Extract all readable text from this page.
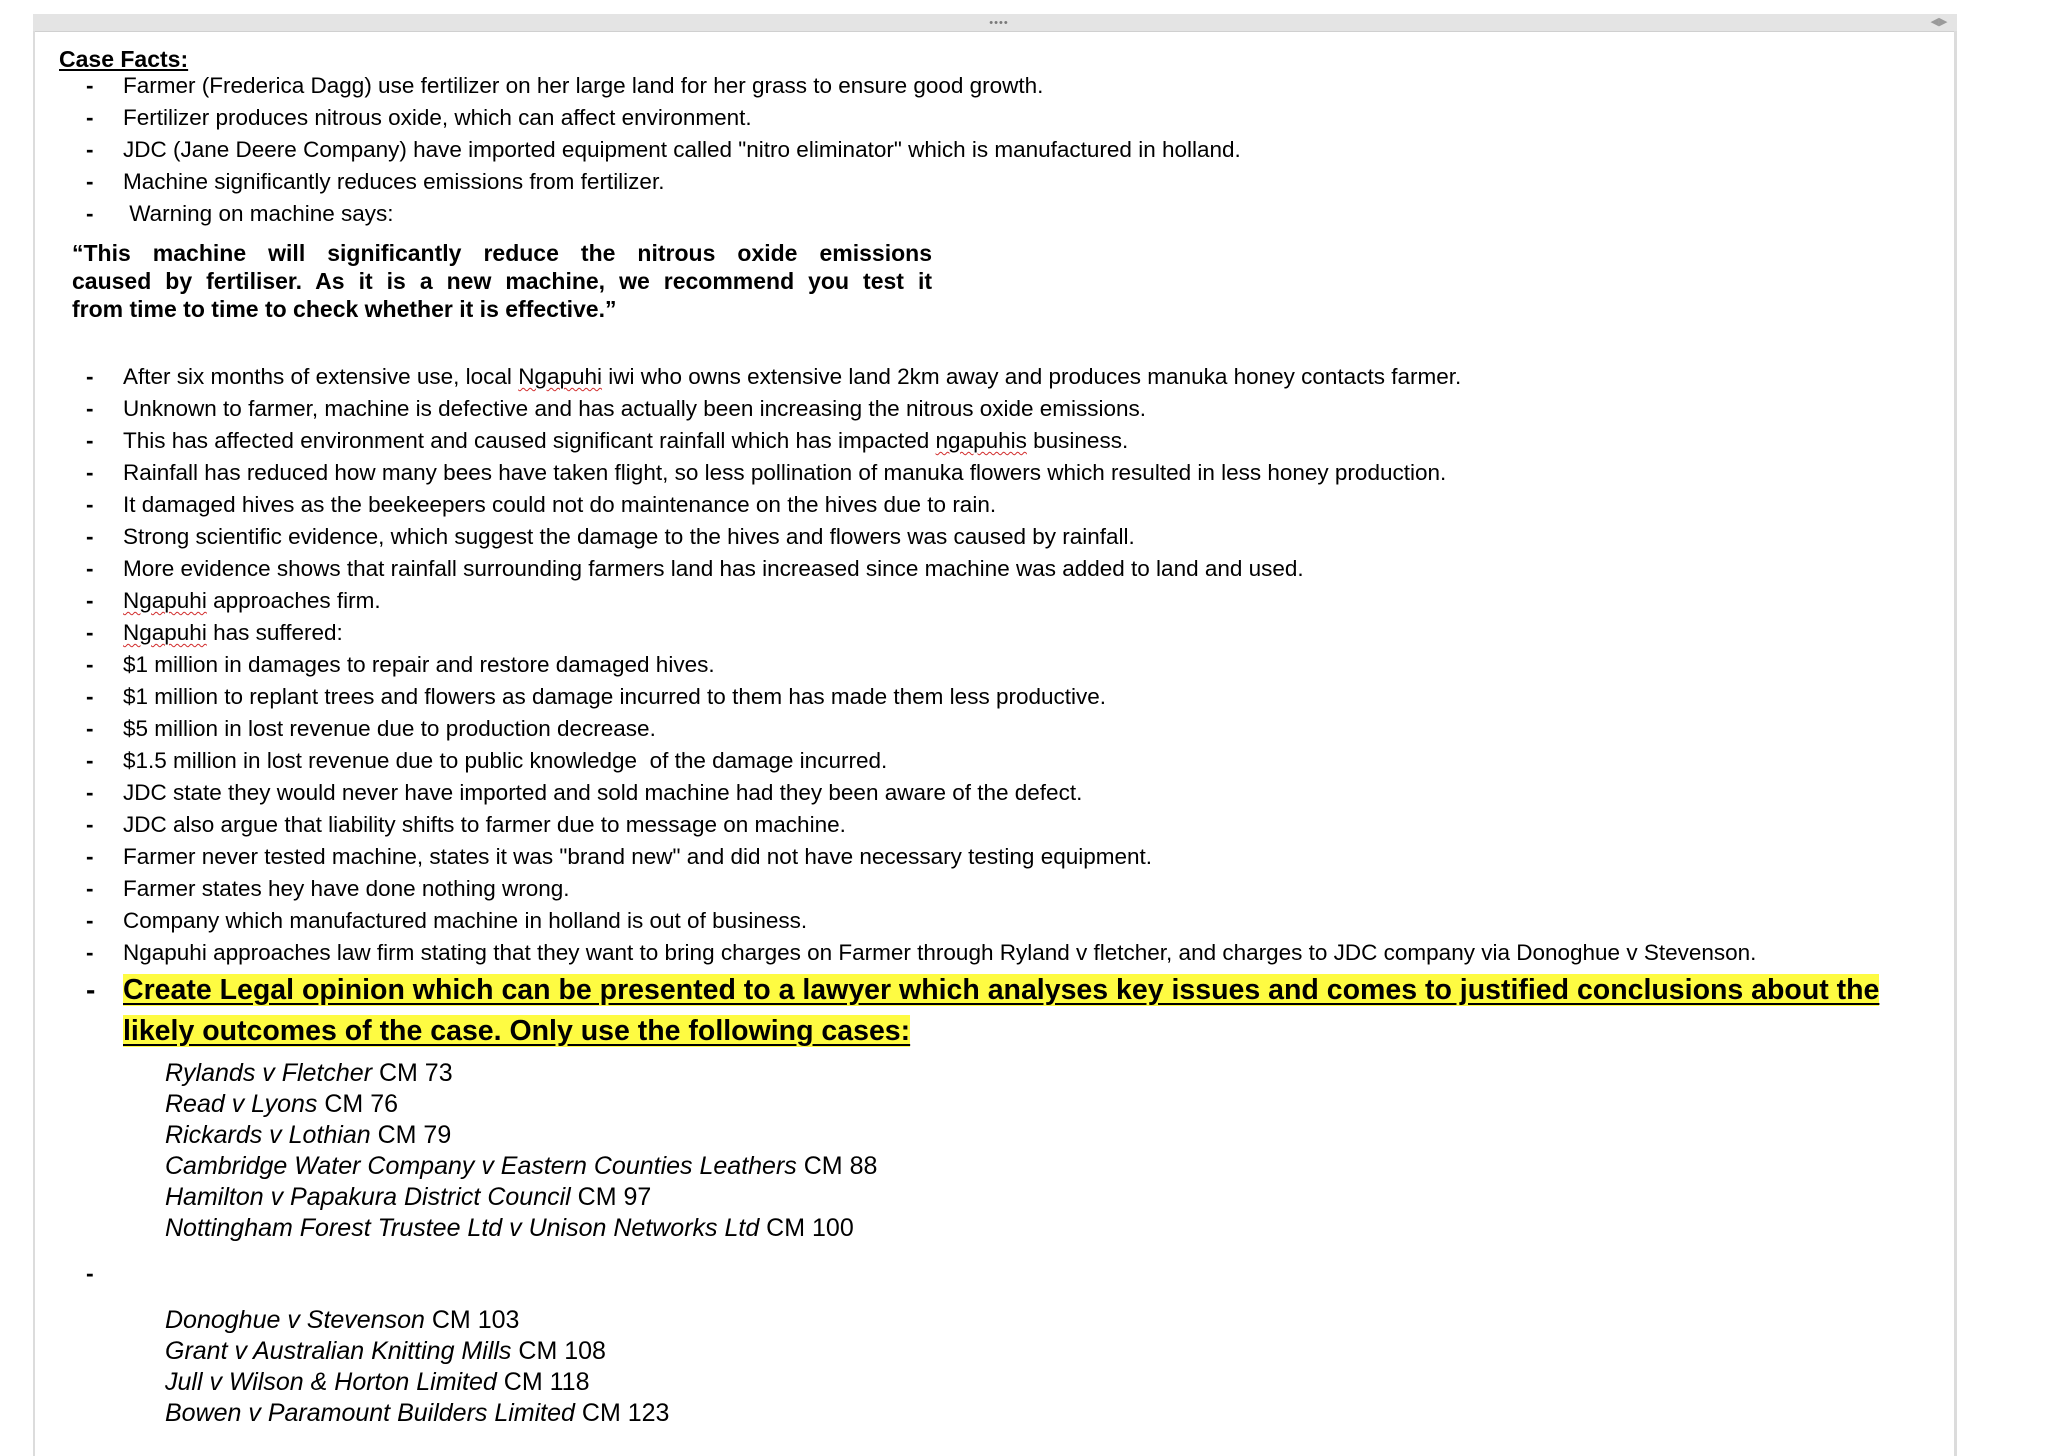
••••	◀▶
Case Facts:
- Farmer (Frederica Dagg) use fertilizer on her large land for her grass to ensure good growth.
- Fertilizer produces nitrous oxide, which can affect environment.
- JDC (Jane Deere Company) have imported equipment called "nitro eliminator" which is manufactured in holland.
- Machine significantly reduces emissions from fertilizer.
- Warning on machine says:
“This machine will significantly reduce the nitrous oxide emissions
caused by fertiliser. As it is a new machine, we recommend you test it
from time to time to check whether it is effective.”
- After six months of extensive use, local Ngapuhi iwi who owns extensive land 2km away and produces manuka honey contacts farmer.
- Unknown to farmer, machine is defective and has actually been increasing the nitrous oxide emissions.
- This has affected environment and caused significant rainfall which has impacted ngapuhis business.
- Rainfall has reduced how many bees have taken flight, so less pollination of manuka flowers which resulted in less honey production.
- It damaged hives as the beekeepers could not do maintenance on the hives due to rain.
- Strong scientific evidence, which suggest the damage to the hives and flowers was caused by rainfall.
- More evidence shows that rainfall surrounding farmers land has increased since machine was added to land and used.
- Ngapuhi approaches firm.
- Ngapuhi has suffered:
- $1 million in damages to repair and restore damaged hives.
- $1 million to replant trees and flowers as damage incurred to them has made them less productive.
- $5 million in lost revenue due to production decrease.
- $1.5 million in lost revenue due to public knowledge  of the damage incurred.
- JDC state they would never have imported and sold machine had they been aware of the defect.
- JDC also argue that liability shifts to farmer due to message on machine.
- Farmer never tested machine, states it was "brand new" and did not have necessary testing equipment.
- Farmer states hey have done nothing wrong.
- Company which manufactured machine in holland is out of business.
- Ngapuhi approaches law firm stating that they want to bring charges on Farmer through Ryland v fletcher, and charges to JDC company via Donoghue v Stevenson.
- Create Legal opinion which can be presented to a lawyer which analyses key issues and comes to justified conclusions about the
likely outcomes of the case. Only use the following cases:
Rylands v Fletcher CM 73
Read v Lyons CM 76
Rickards v Lothian CM 79
Cambridge Water Company v Eastern Counties Leathers CM 88
Hamilton v Papakura District Council CM 97
Nottingham Forest Trustee Ltd v Unison Networks Ltd CM 100
-
Donoghue v Stevenson CM 103
Grant v Australian Knitting Mills CM 108
Jull v Wilson & Horton Limited CM 118
Bowen v Paramount Builders Limited CM 123
